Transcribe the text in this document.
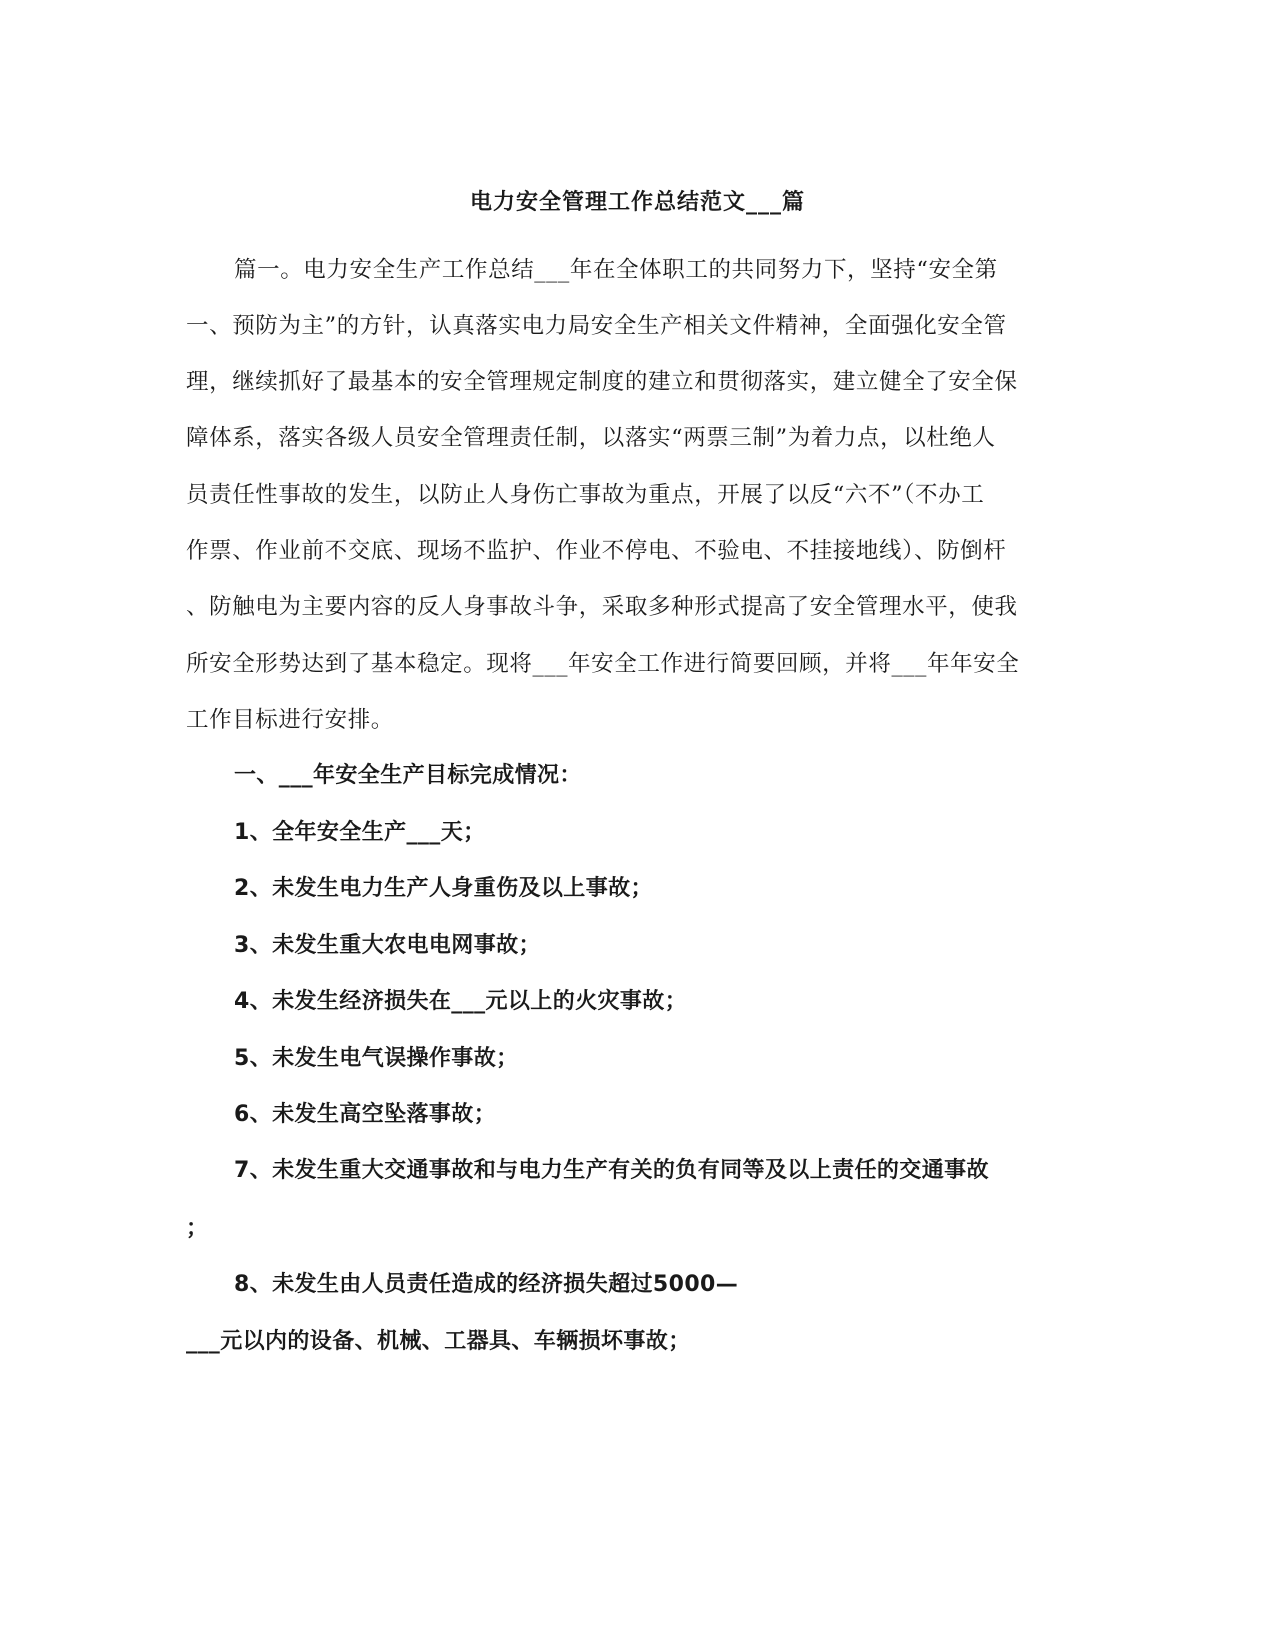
电力安全管理工作总结范文___篇
篇一。电力安全生产工作总结___年在全体职工的共同努力下，坚持“安全第
一、预防为主”的方针，认真落实电力局安全生产相关文件精神，全面强化安全管
理，继续抓好了最基本的安全管理规定制度的建立和贯彻落实，建立健全了安全保
障体系，落实各级人员安全管理责任制，以落实“两票三制”为着力点，以杜绝人
员责任性事故的发生，以防止人身伤亡事故为重点，开展了以反“六不”（不办工
作票、作业前不交底、现场不监护、作业不停电、不验电、不挂接地线）、防倒杆
、防触电为主要内容的反人身事故斗争，采取多种形式提高了安全管理水平，使我
所安全形势达到了基本稳定。现将___年安全工作进行简要回顾，并将___年年安全
工作目标进行安排。
一、___年安全生产目标完成情况：
1、全年安全生产___天；
2、未发生电力生产人身重伤及以上事故；
3、未发生重大农电电网事故；
4、未发生经济损失在___元以上的火灾事故；
5、未发生电气误操作事故；
6、未发生高空坠落事故；
7、未发生重大交通事故和与电力生产有关的负有同等及以上责任的交通事故
；
8、未发生由人员责任造成的经济损失超过5000—
___元以内的设备、机械、工器具、车辆损坏事故；
